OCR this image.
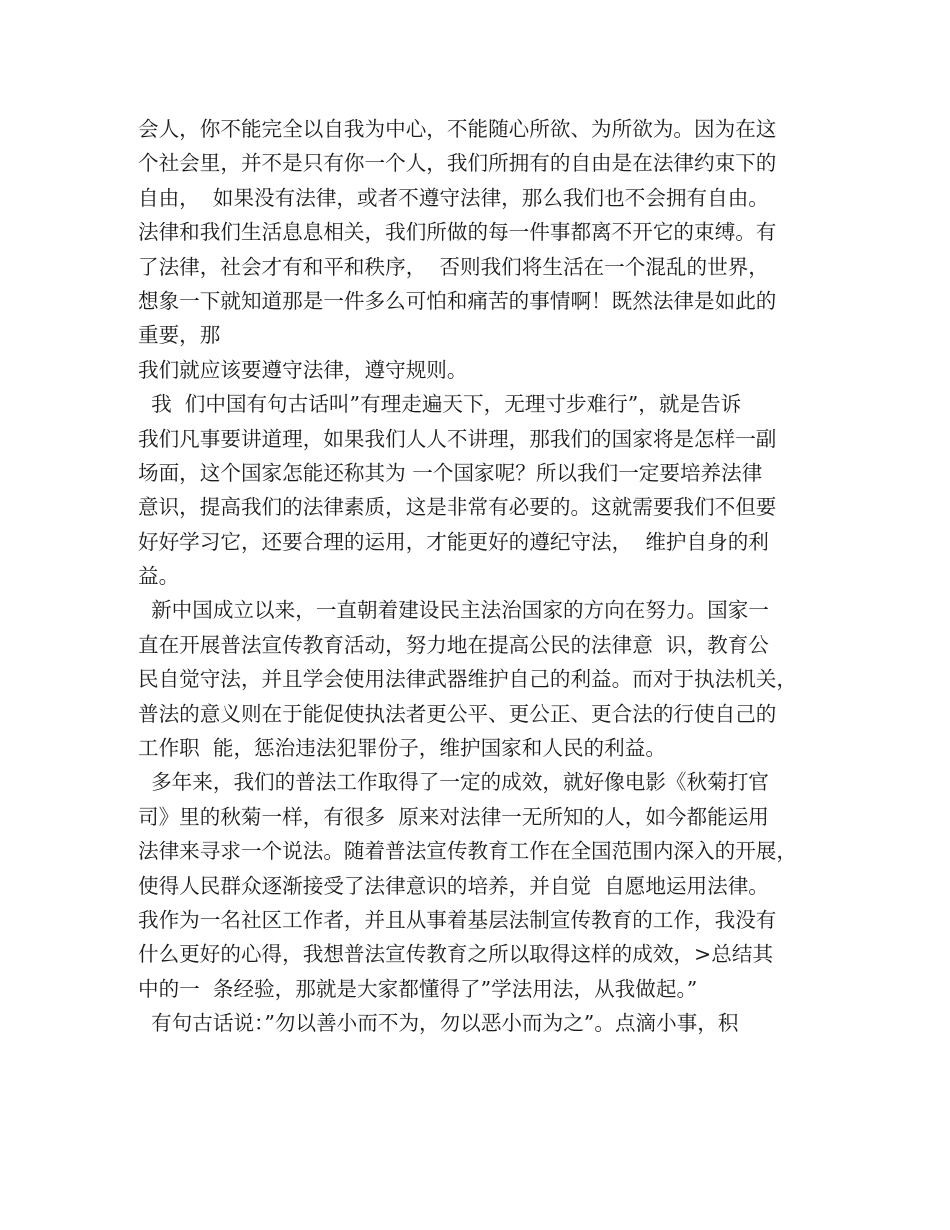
会人，你不能完全以自我为中心，不能随心所欲、为所欲为。因为在这
个社会里，并不是只有你一个人，我们所拥有的自由是在法律约束下的
自由，  如果没有法律，或者不遵守法律，那么我们也不会拥有自由。
法律和我们生活息息相关，我们所做的每一件事都离不开它的束缚。有
了法律，社会才有和平和秩序，  否则我们将生活在一个混乱的世界，
想象一下就知道那是一件多么可怕和痛苦的事情啊！既然法律是如此的
重要，那
我们就应该要遵守法律，遵守规则。
我  们中国有句古话叫”有理走遍天下，无理寸步难行”，就是告诉
我们凡事要讲道理，如果我们人人不讲理，那我们的国家将是怎样一副
场面，这个国家怎能还称其为 一个国家呢？所以我们一定要培养法律
意识，提高我们的法律素质，这是非常有必要的。这就需要我们不但要
好好学习它，还要合理的运用，才能更好的遵纪守法，  维护自身的利
益。
新中国成立以来，一直朝着建设民主法治国家的方向在努力。国家一
直在开展普法宣传教育活动，努力地在提高公民的法律意  识，教育公
民自觉守法，并且学会使用法律武器维护自己的利益。而对于执法机关，
普法的意义则在于能促使执法者更公平、更公正、更合法的行使自己的
工作职  能，惩治违法犯罪份子，维护国家和人民的利益。
多年来，我们的普法工作取得了一定的成效，就好像电影《秋菊打官
司》里的秋菊一样，有很多  原来对法律一无所知的人，如今都能运用
法律来寻求一个说法。随着普法宣传教育工作在全国范围内深入的开展，
使得人民群众逐渐接受了法律意识的培养，并自觉  自愿地运用法律。
我作为一名社区工作者，并且从事着基层法制宣传教育的工作，我没有
什么更好的心得，我想普法宣传教育之所以取得这样的成效，>总结其
中的一  条经验，那就是大家都懂得了”学法用法，从我做起。”
有句古话说：”勿以善小而不为，勿以恶小而为之”。点滴小事，积
